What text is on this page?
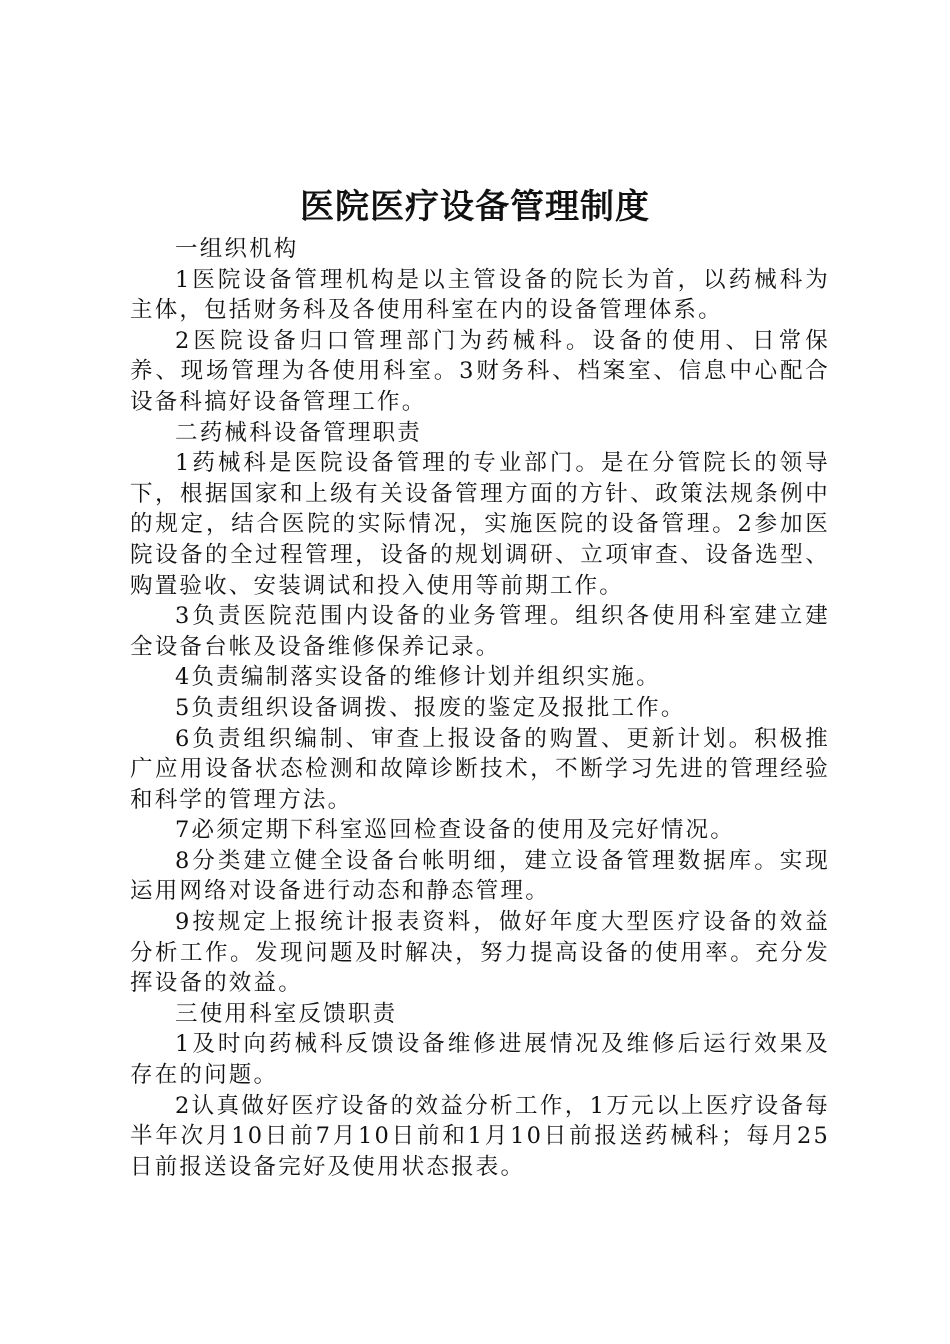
医院医疗设备管理制度

一组织机构

1医院设备管理机构是以主管设备的院长为首，以药械科为主体，包括财务科及各使用科室在内的设备管理体系。

2医院设备归口管理部门为药械科。设备的使用、日常保养、现场管理为各使用科室。3财务科、档案室、信息中心配合设备科搞好设备管理工作。

二药械科设备管理职责

1药械科是医院设备管理的专业部门。是在分管院长的领导下，根据国家和上级有关设备管理方面的方针、政策法规条例中的规定，结合医院的实际情况，实施医院的设备管理。2参加医院设备的全过程管理，设备的规划调研、立项审查、设备选型、购置验收、安装调试和投入使用等前期工作。

3负责医院范围内设备的业务管理。组织各使用科室建立建全设备台帐及设备维修保养记录。

4负责编制落实设备的维修计划并组织实施。

5负责组织设备调拨、报废的鉴定及报批工作。

6负责组织编制、审查上报设备的购置、更新计划。积极推广应用设备状态检测和故障诊断技术，不断学习先进的管理经验和科学的管理方法。

7必须定期下科室巡回检查设备的使用及完好情况。

8分类建立健全设备台帐明细，建立设备管理数据库。实现运用网络对设备进行动态和静态管理。

9按规定上报统计报表资料，做好年度大型医疗设备的效益分析工作。发现问题及时解决，努力提高设备的使用率。充分发挥设备的效益。

三使用科室反馈职责

1及时向药械科反馈设备维修进展情况及维修后运行效果及存在的问题。

2认真做好医疗设备的效益分析工作，1万元以上医疗设备每半年次月10日前7月10日前和1月10日前报送药械科；每月25日前报送设备完好及使用状态报表。
